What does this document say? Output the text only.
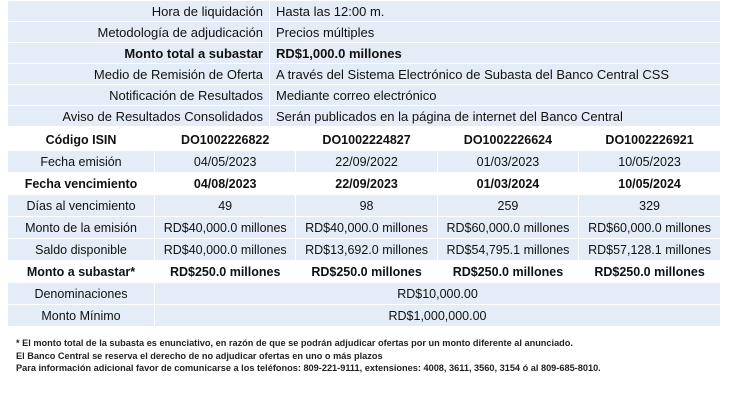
Hora de liquidación	Hasta las 12:00 m.
Metodología de adjudicación	Precios múltiples
Monto total a subastar	RD$1,000.0 millones
Medio de Remisión de Oferta	A través del Sistema Electrónico de Subasta del Banco Central CSS
Notificación de Resultados	Mediante correo electrónico
Aviso de Resultados Consolidados	Serán publicados en la página de internet del Banco Central
Código ISIN	DO1002226822	DO1002224827	DO1002226624	DO1002226921
Fecha emisión	04/05/2023	22/09/2022	01/03/2023	10/05/2023
Fecha vencimiento	04/08/2023	22/09/2023	01/03/2024	10/05/2024
Días al vencimiento	49	98	259	329
Monto de la emisión	RD$40,000.0 millones	RD$40,000.0 millones	RD$60,000.0 millones	RD$60,000.0 millones
Saldo disponible	RD$40,000.0 millones	RD$13,692.0 millones	RD$54,795.1 millones	RD$57,128.1 millones
Monto a subastar*	RD$250.0 millones	RD$250.0 millones	RD$250.0 millones	RD$250.0 millones
Denominaciones	RD$10,000.00			
Monto Mínimo	RD$1,000,000.00			
* El monto total de la subasta es enunciativo, en razón de que se podrán adjudicar ofertas por un monto diferente al anunciado.
El Banco Central se reserva el derecho de no adjudicar ofertas en uno o más plazos
Para información adicional favor de comunicarse a los teléfonos: 809-221-9111, extensiones: 4008, 3611, 3560, 3154 ó al 809-685-8010.
